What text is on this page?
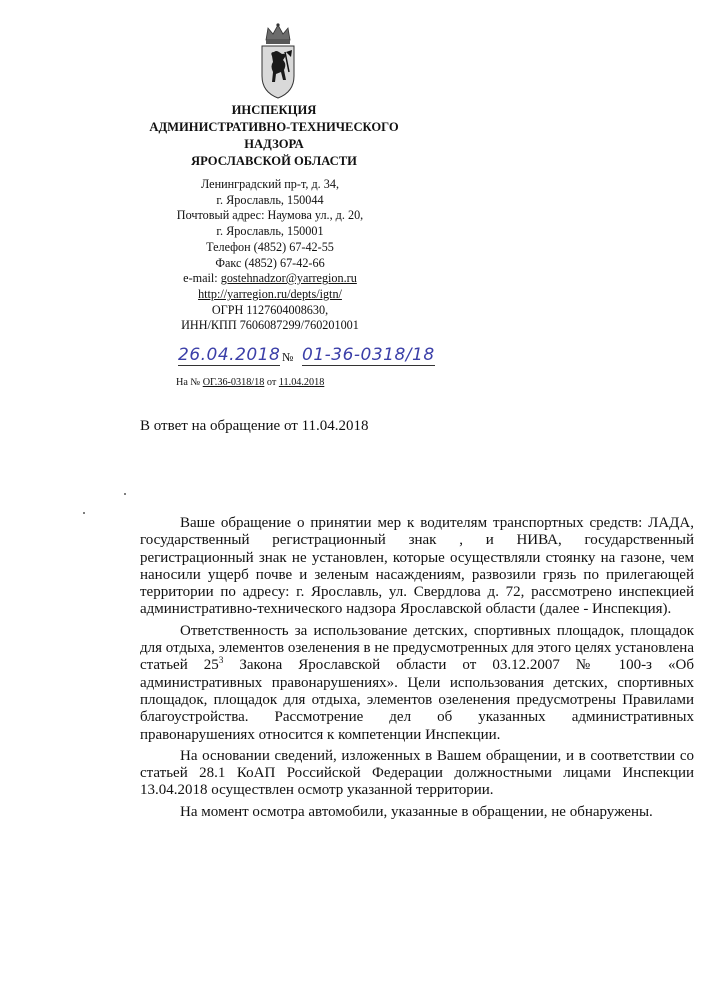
ИНСПЕКЦИЯ
АДМИНИСТРАТИВНО-ТЕХНИЧЕСКОГО
НАДЗОРА
ЯРОСЛАВСКОЙ ОБЛАСТИ
Ленинградский пр-т, д. 34,
г. Ярославль, 150044
Почтовый адрес: Наумова ул., д. 20,
г. Ярославль, 150001
Телефон (4852) 67-42-55
Факс (4852) 67-42-66
e-mail: gostehnadzor@yarregion.ru
http://yarregion.ru/depts/igtn/
ОГРН 1127604008630,
ИНН/КПП 7606087299/760201001
26.04.2018 № 01-36-0318/18
На № ОГ.36-0318/18 от 11.04.2018
В ответ на обращение от 11.04.2018

Ваше обращение о принятии мер к водителям транспортных средств: ЛАДА, государственный регистрационный знак , и НИВА, государственный регистрационный знак не установлен, которые осуществляли стоянку на газоне, чем наносили ущерб почве и зеленым насаждениям, развозили грязь по прилегающей территории по адресу: г. Ярославль, ул. Свердлова д. 72, рассмотрено инспекцией административно-технического надзора Ярославской области (далее - Инспекция).

Ответственность за использование детских, спортивных площадок, площадок для отдыха, элементов озеленения в не предусмотренных для этого целях установлена статьей $25^3$ Закона Ярославской области от 03.12.2007 № 100-з «Об административных правонарушениях». Цели использования детских, спортивных площадок, площадок для отдыха, элементов озеленения предусмотрены Правилами благоустройства. Рассмотрение дел об указанных административных правонарушениях относится к компетенции Инспекции.

На основании сведений, изложенных в Вашем обращении, и в соответствии со статьей 28.1 КоАП Российской Федерации должностными лицами Инспекции 13.04.2018 осуществлен осмотр указанной территории.

На момент осмотра автомобили, указанные в обращении, не обнаружены.
